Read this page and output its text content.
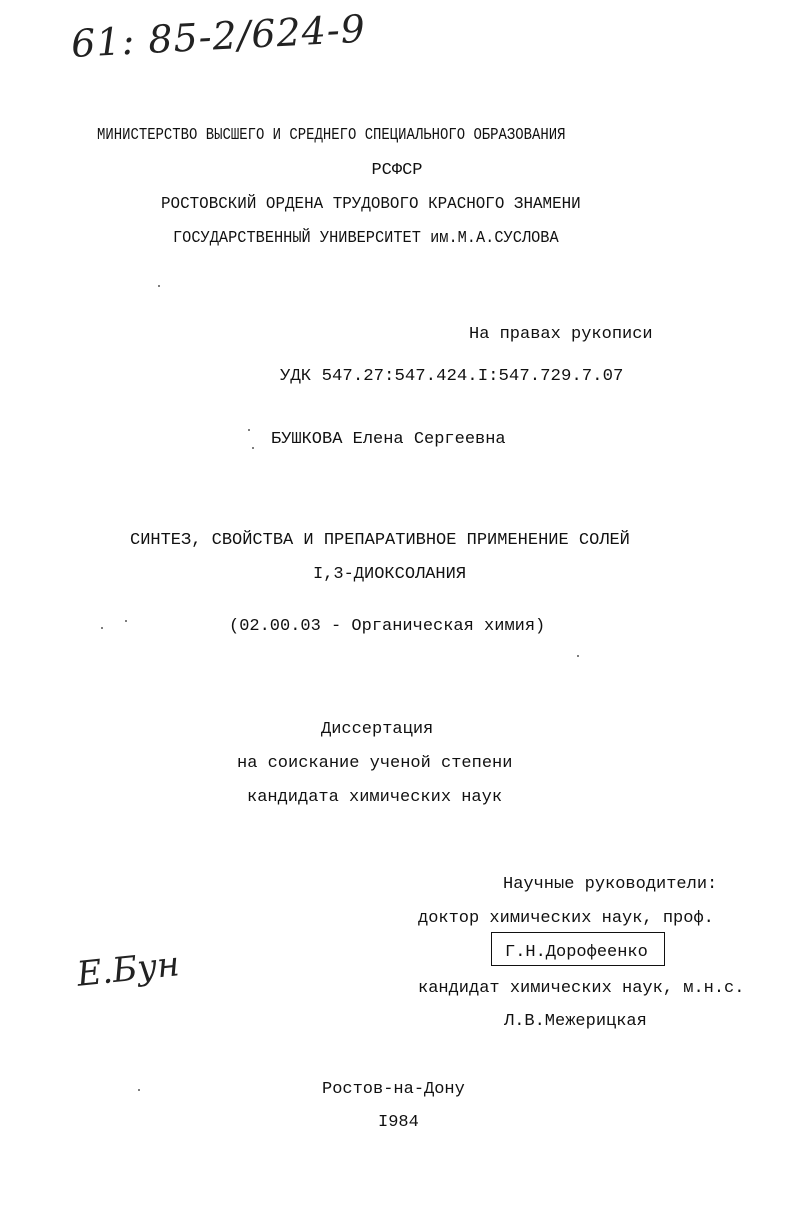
61: 85-2/624-9
МИНИСТЕРСТВО ВЫСШЕГО И СРЕДНЕГО СПЕЦИАЛЬНОГО ОБРАЗОВАНИЯ
РСФСР
РОСТОВСКИЙ ОРДЕНА ТРУДОВОГО КРАСНОГО ЗНАМЕНИ
ГОСУДАРСТВЕННЫЙ УНИВЕРСИТЕТ им.М.А.СУСЛОВА
На правах рукописи
УДК 547.27:547.424.I:547.729.7.07
БУШКОВА Елена Сергеевна
СИНТЕЗ, СВОЙСТВА И ПРЕПАРАТИВНОЕ ПРИМЕНЕНИЕ СОЛЕЙ
I,3-ДИОКСОЛАНИЯ
(02.00.03 - Органическая химия)
Диссертация
на соискание ученой степени
кандидата химических наук
Научные руководители:
доктор химических наук, проф.
Г.Н.Дорофеенко
кандидат химических наук, м.н.с.
Л.В.Межерицкая
Е.Бун
Ростов-на-Дону
I984
